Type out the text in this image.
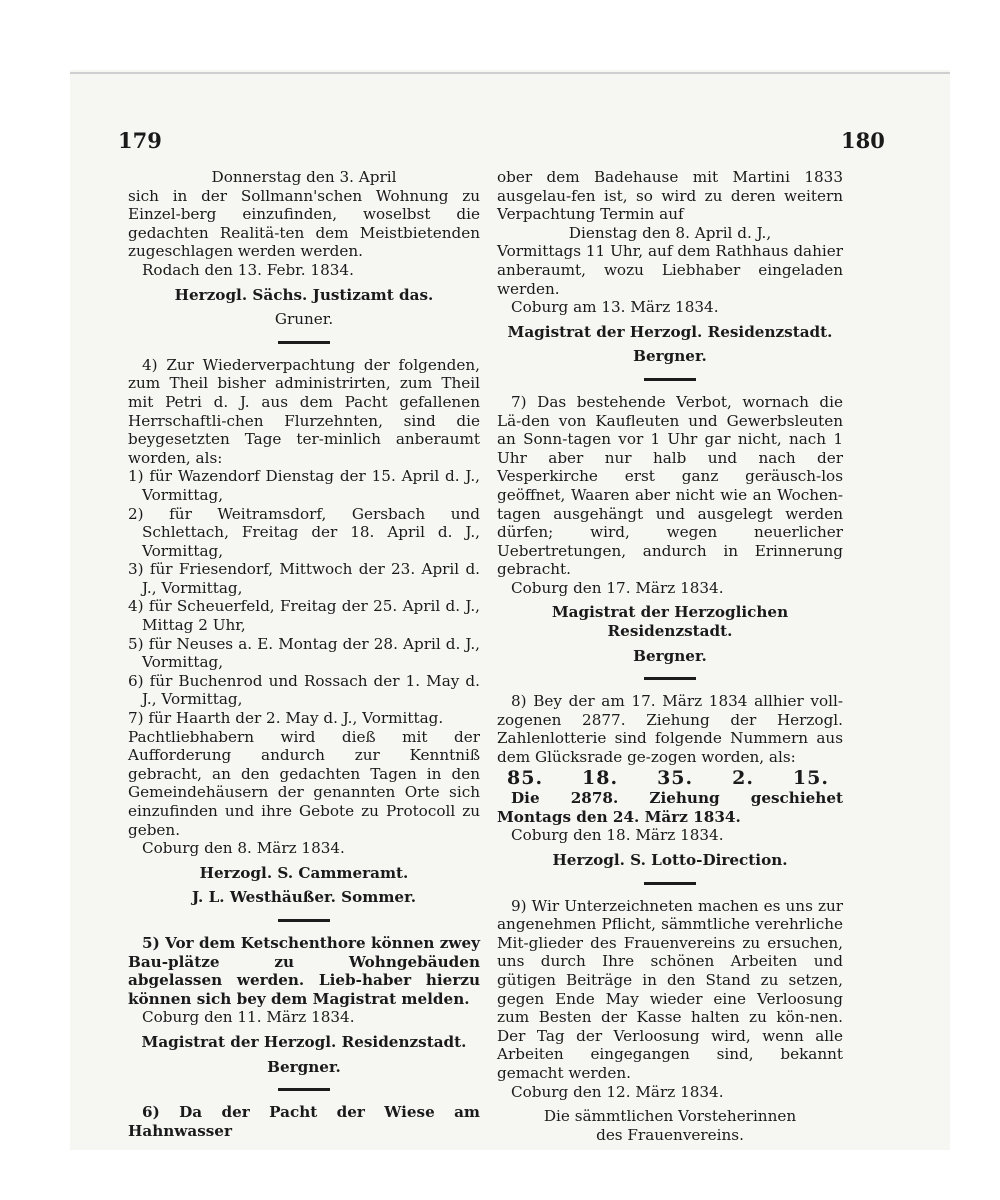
179	180

Donnerstag den 3. April

sich in der Sollmann'schen Wohnung zu Einzel-berg einzufinden, woselbst die gedachten Realitä-ten dem Meistbietenden zugeschlagen werden werden.

Rodach den 13. Febr. 1834.

Herzogl. Sächs. Justizamt das.

Gruner.

4) Zur Wiederverpachtung der folgenden, zum Theil bisher administrirten, zum Theil mit Petri d. J. aus dem Pacht gefallenen Herrschaftli-chen Flurzehnten, sind die beygesetzten Tage ter-minlich anberaumt worden, als:

1) für Wazendorf Dienstag der 15. April d. J., Vormittag,

2) für Weitramsdorf, Gersbach und Schlettach, Freitag der 18. April d. J., Vormittag,

3) für Friesendorf, Mittwoch der 23. April d. J., Vormittag,

4) für Scheuerfeld, Freitag der 25. April d. J., Mittag 2 Uhr,

5) für Neuses a. E. Montag der 28. April d. J., Vormittag,

6) für Buchenrod und Rossach der 1. May d. J., Vormittag,

7) für Haarth der 2. May d. J., Vormittag.

Pachtliebhabern wird dieß mit der Aufforderung andurch zur Kenntniß gebracht, an den gedachten Tagen in den Gemeindehäusern der genannten Orte sich einzufinden und ihre Gebote zu Protocoll zu geben.

Coburg den 8. März 1834.

Herzogl. S. Cammeramt.

J. L. Westhäußer. Sommer.

5) Vor dem Ketschenthore können zwey Bau-plätze zu Wohngebäuden abgelassen werden. Lieb-haber hierzu können sich bey dem Magistrat melden.

Coburg den 11. März 1834.

Magistrat der Herzogl. Residenzstadt.

Bergner.

6) Da der Pacht der Wiese am Hahnwasser

ober dem Badehause mit Martini 1833 ausgelau-fen ist, so wird zu deren weitern Verpachtung Termin auf

Dienstag den 8. April d. J.,

Vormittags 11 Uhr, auf dem Rathhaus dahier anberaumt, wozu Liebhaber eingeladen werden.

Coburg am 13. März 1834.

Magistrat der Herzogl. Residenzstadt.

Bergner.

7) Das bestehende Verbot, wornach die Lä-den von Kaufleuten und Gewerbsleuten an Sonn-tagen vor 1 Uhr gar nicht, nach 1 Uhr aber nur halb und nach der Vesperkirche erst ganz geräusch-los geöffnet, Waaren aber nicht wie an Wochen-tagen ausgehängt und ausgelegt werden dürfen; wird, wegen neuerlicher Uebertretungen, andurch in Erinnerung gebracht.

Coburg den 17. März 1834.

Magistrat der Herzoglichen Residenzstadt.

Bergner.

8) Bey der am 17. März 1834 allhier voll-zogenen 2877. Ziehung der Herzogl. Zahlenlotterie sind folgende Nummern aus dem Glücksrade ge-zogen worden, als:

85. 18. 35. 2. 15.

Die 2878. Ziehung geschiehet Montags den 24. März 1834.

Coburg den 18. März 1834.

Herzogl. S. Lotto-Direction.

9) Wir Unterzeichneten machen es uns zur angenehmen Pflicht, sämmtliche verehrliche Mit-glieder des Frauenvereins zu ersuchen, uns durch Ihre schönen Arbeiten und gütigen Beiträge in den Stand zu setzen, gegen Ende May wieder eine Verloosung zum Besten der Kasse halten zu kön-nen. Der Tag der Verloosung wird, wenn alle Arbeiten eingegangen sind, bekannt gemacht werden.

Coburg den 12. März 1834.

Die sämmtlichen Vorsteherinnen

des Frauenvereins.
